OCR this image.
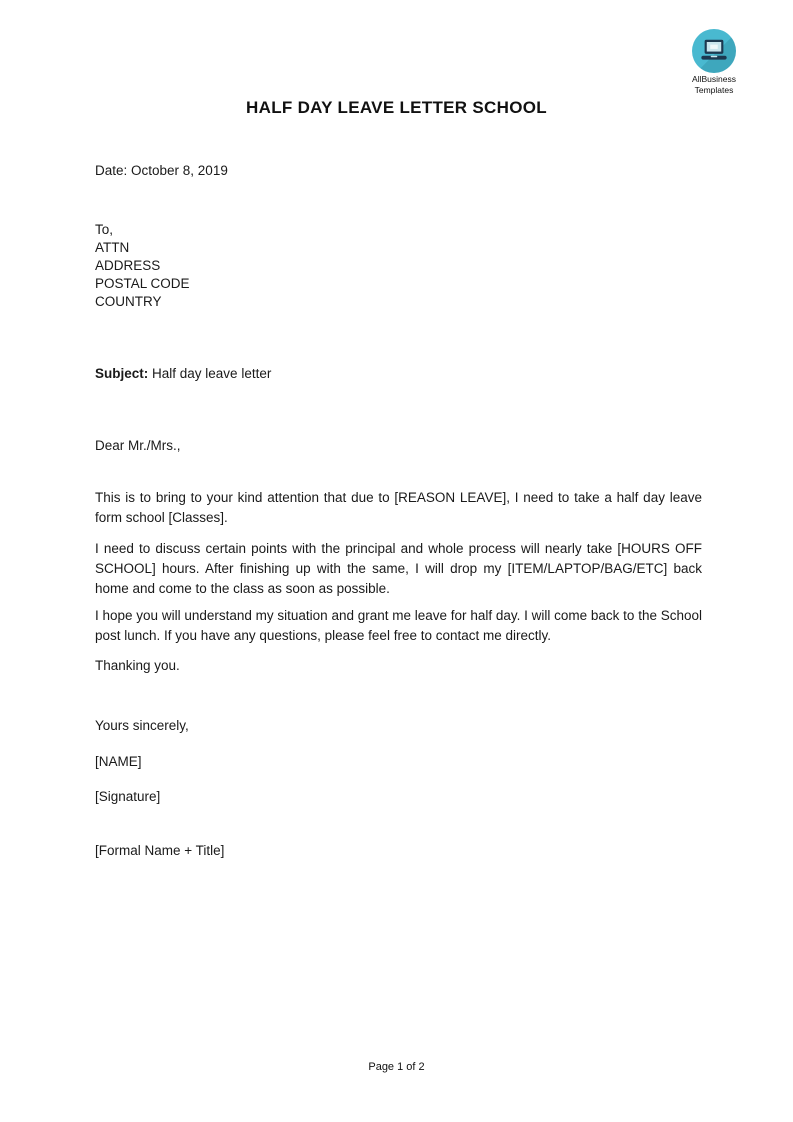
AllBusiness
Templates
HALF DAY LEAVE LETTER SCHOOL
Date: October 8, 2019
To,
ATTN
ADDRESS
POSTAL CODE
COUNTRY
Subject: Half day leave letter
Dear Mr./Mrs.,

This is to bring to your kind attention that due to [REASON LEAVE], I need to take a half day leave form school [Classes].

I need to discuss certain points with the principal and whole process will nearly take [HOURS OFF SCHOOL] hours. After finishing up with the same, I will drop my [ITEM/LAPTOP/BAG/ETC] back home and come to the class as soon as possible.

I hope you will understand my situation and grant me leave for half day. I will come back to the School post lunch. If you have any questions, please feel free to contact me directly.

Thanking you.

Yours sincerely,
[NAME]
[Signature]
[Formal Name + Title]
Page 1 of 2
